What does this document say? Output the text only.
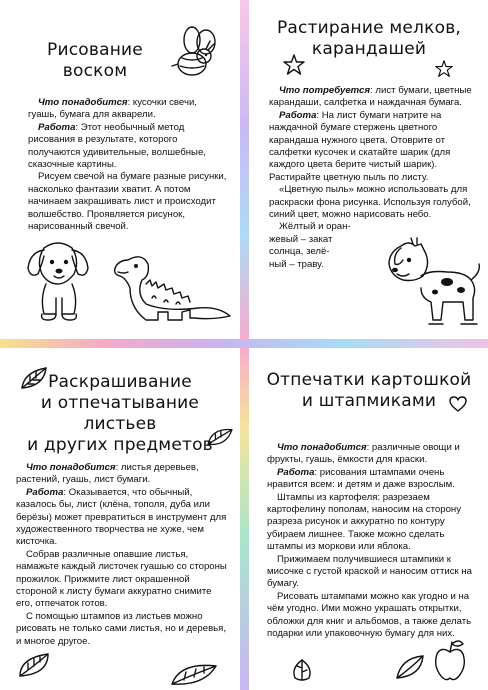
Рисование
воском

Что понадобится: кусочки свечи, гуашь, бумага для акварели.

Работа: Этот необычный метод рисования в результате, которого получаются удивительные, волшебные, сказочные картины.

Рисуем свечой на бумаге разные рисунки, насколько фантазии хватит. А потом начинаем закрашивать лист и происходит волшебство. Проявляется рисунок, нарисованный свечой.

Растирание мелков,
карандашей

Что потребуется: лист бумаги, цветные карандаши, салфетка и наждачная бумага.

Работа: На лист бумаги натрите на наждачной бумаге стержень цветного карандаша нужного цвета. Отоврите от салфетки кусочек и скатайте шарик (для каждого цвета берите чистый шарик). Растирайте цветную пыль по листу.

«Цветную пыль» можно использовать для раскраски фона рисунка. Используя голубой, синий цвет, можно нарисовать небо.

Жёлтый и оран-
жевый – закат
солнца, зелё-
ный – траву.

Раскрашивание
и отпечатывание листьев
и других предметов

Что понадобится: листья деревьев, растений, гуашь, лист бумаги.

Работа: Оказывается, что обычный, казалось бы, лист (клёна, тополя, дуба или берёзы) может превратиться в инструмент для художественного творчества не хуже, чем кисточка.

Собрав различные опавшие листья, намажьте каждый листочек гуашью со стороны прожилок. Прижмите лист окрашенной стороной к листу бумаги аккуратно снимите его, отпечаток готов.

С помощью штампов из листьев можно рисовать не только сами листья, но и деревья, и многое другое.

Отпечатки картошкой
и штапмиками

Что понадобится: различные овощи и фрукты, гуашь, ёмкости для краски.

Работа: рисования штампами очень нравится всем: и детям и даже взрослым.

Штампы из картофеля: разрезаем картофелину пополам, наносим на сторону разреза рисунок и аккуратно по контуру убираем лишнее. Также можно сделать штампы из моркови или яблока.

Прижимаем получившиеся штампики к мисочке с густой краской и наносим оттиск на бумагу.

Рисовать штампами можно как угодно и на чём угодно. Ими можно украшать открытки, обложки для книг и альбомов, а также делать подарки или упаковочную бумагу для них.
